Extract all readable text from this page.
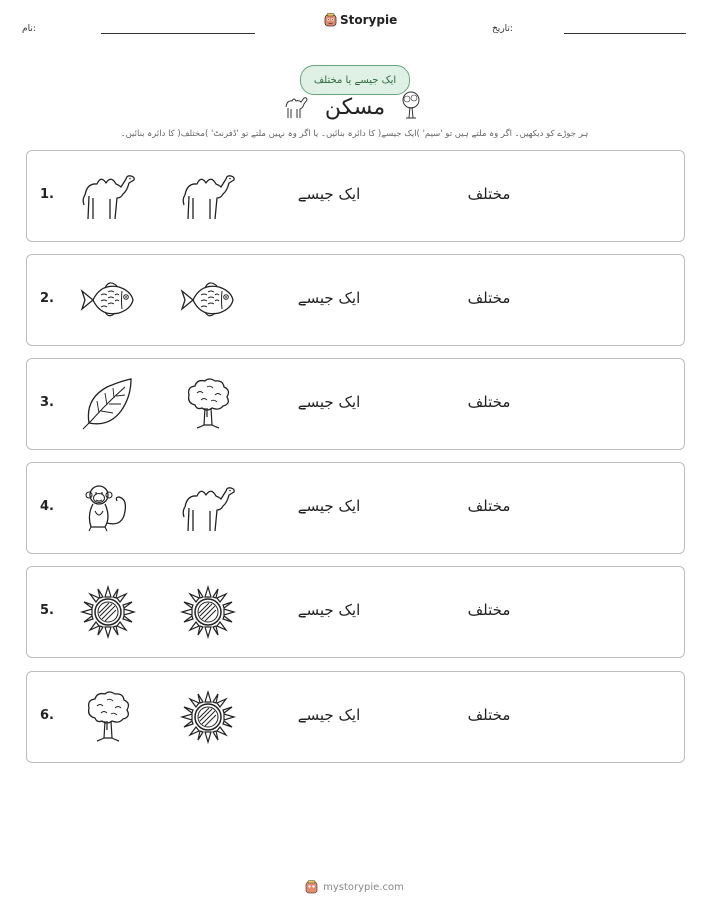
نام:
Storypie
تاریخ:
ایک جیسے یا مختلف
مسکن
ہر جوڑے کو دیکھیں۔ اگر وہ ملتے ہیں تو 'سیم' )ایک جیسے( کا دائرہ بنائیں۔ یا اگر وہ نہیں ملتے تو 'ڈفرنٹ' )مختلف( کا دائرہ بنائیں۔
1.	ایک جیسے	مختلف
2.	ایک جیسے	مختلف
3.	ایک جیسے	مختلف
4.	ایک جیسے	مختلف
5.	ایک جیسے	مختلف
6.	ایک جیسے	مختلف
mystorypie.com
